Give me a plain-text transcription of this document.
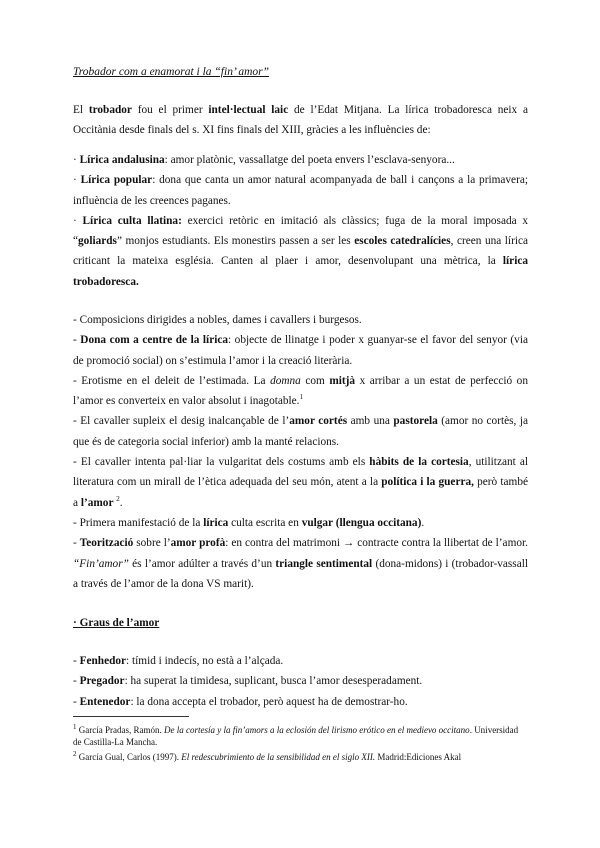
Trobador com a enamorat i la “fin’ amor”

El trobador fou el primer intel·lectual laic de l’Edat Mitjana. La lírica trobadoresca neix a Occitània desde finals del s. XI fins finals del XIII, gràcies a les influències de:

· Lírica andalusina: amor platònic, vassallatge del poeta envers l’esclava-senyora...

· Lírica popular: dona que canta un amor natural acompanyada de ball i cançons a la primavera; influència de les creences paganes.

· Lírica culta llatina: exercici retòric en imitació als clàssics; fuga de la moral imposada x “goliards” monjos estudiants. Els monestirs passen a ser les escoles catedralícies, creen una lírica criticant la mateixa església. Canten al plaer i amor, desenvolupant una mètrica, la lírica trobadoresca.

- Composicions dirigides a nobles, dames i cavallers i burgesos.

- Dona com a centre de la lírica: objecte de llinatge i poder x guanyar-se el favor del senyor (via de promoció social) on s’estimula l’amor i la creació literària.

- Erotisme en el deleit de l’estimada. La domna com mitjà x arribar a un estat de perfecció on l’amor es converteix en valor absolut i inagotable.$^1$

- El cavaller supleix el desig inalcançable de l’amor cortés amb una pastorela (amor no cortès, ja que és de categoria social inferior) amb la manté relacions.

- El cavaller intenta pal·liar la vulgaritat dels costums amb els hàbits de la cortesia, utilitzant al literatura com un mirall de l’ètica adequada del seu món, atent a la política i la guerra, però també a l’amor $^2$.

- Primera manifestació de la lírica culta escrita en vulgar (llengua occitana).

- Teorització sobre l’amor profà: en contra del matrimoni → contracte contra la llibertat de l’amor. “Fin’amor” és l’amor adúlter a través d’un triangle sentimental (dona-midons) i (trobador-vassall a través de l’amor de la dona VS marit).

· Graus de l’amor

- Fenhedor: tímid i indecís, no està a l’alçada.

- Pregador: ha superat la timidesa, suplicant, busca l’amor desesperadament.

- Entenedor: la dona accepta el trobador, però aquest ha de demostrar-ho.

$^1$ García Pradas, Ramón. De la cortesía y la fin’amors a la eclosión del lirismo erótico en el medievo occitano. Universidad de Castilla-La Mancha.
$^2$ García Gual, Carlos (1997). El redescubrimiento de la sensibilidad en el siglo XII. Madrid:Ediciones Akal
